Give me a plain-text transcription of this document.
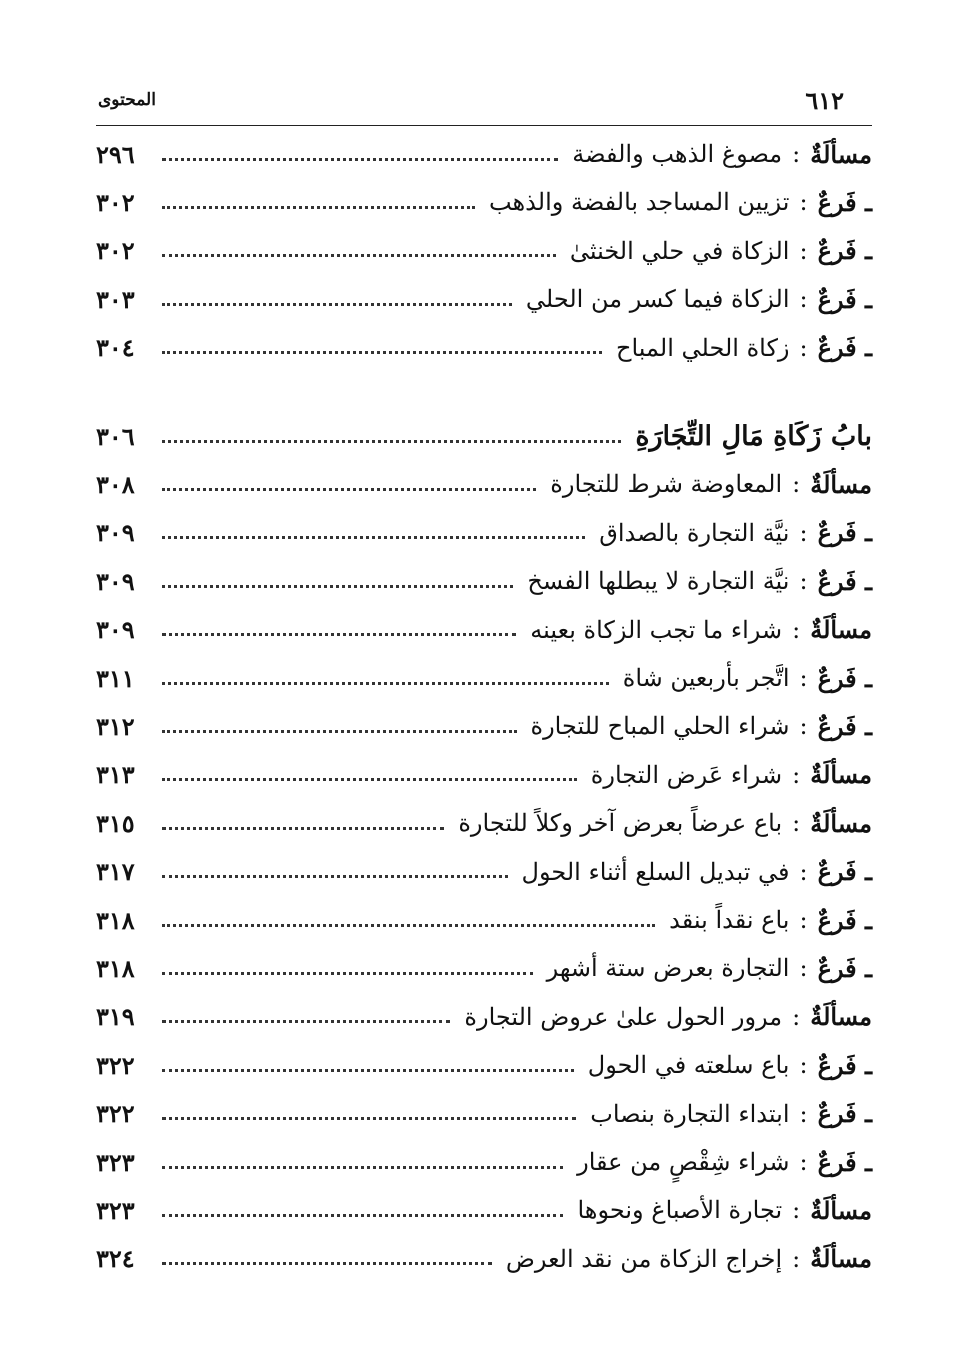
٦١٢
المحتوى
مسألَةٌ
:
مصوغ الذهب والفضة
٢٩٦
ـ فَرعٌ
:
تزيين المساجد بالفضة والذهب
٣٠٢
ـ فَرعٌ
:
الزكاة في حلي الخنثىٰ
٣٠٢
ـ فَرعٌ
:
الزكاة فيما كسر من الحلي
٣٠٣
ـ فَرعٌ
:
زكاة الحلي المباح
٣٠٤
بابُ زَكَاةِ مَالِ التِّجَارَةِ
٣٠٦
مسألَةٌ
:
المعاوضة شرط للتجارة
٣٠٨
ـ فَرعٌ
:
نيَّة التجارة بالصداق
٣٠٩
ـ فَرعٌ
:
نيَّة التجارة لا يبطلها الفسخ
٣٠٩
مسألَةٌ
:
شراء ما تجب الزكاة بعينه
٣٠٩
ـ فَرعٌ
:
اتَّجر بأربعين شاة
٣١١
ـ فَرعٌ
:
شراء الحلي المباح للتجارة
٣١٢
مسألَةٌ
:
شراء عَرض التجارة
٣١٣
مسألَةٌ
:
باع عرضاً بعرض آخر وكلاً للتجارة
٣١٥
ـ فَرعٌ
:
في تبديل السلع أثناء الحول
٣١٧
ـ فَرعٌ
:
باع نقداً بنقد
٣١٨
ـ فَرعٌ
:
التجارة بعرض ستة أشهر
٣١٨
مسألَةٌ
:
مرور الحول علىٰ عروض التجارة
٣١٩
ـ فَرعٌ
:
باع سلعته في الحول
٣٢٢
ـ فَرعٌ
:
ابتداء التجارة بنصاب
٣٢٢
ـ فَرعٌ
:
شراء شِقْصٍ من عقار
٣٢٣
مسألَةٌ
:
تجارة الأصباغ ونحوها
٣٢٣
مسألَةٌ
:
إخراج الزكاة من نقد العرض
٣٢٤
